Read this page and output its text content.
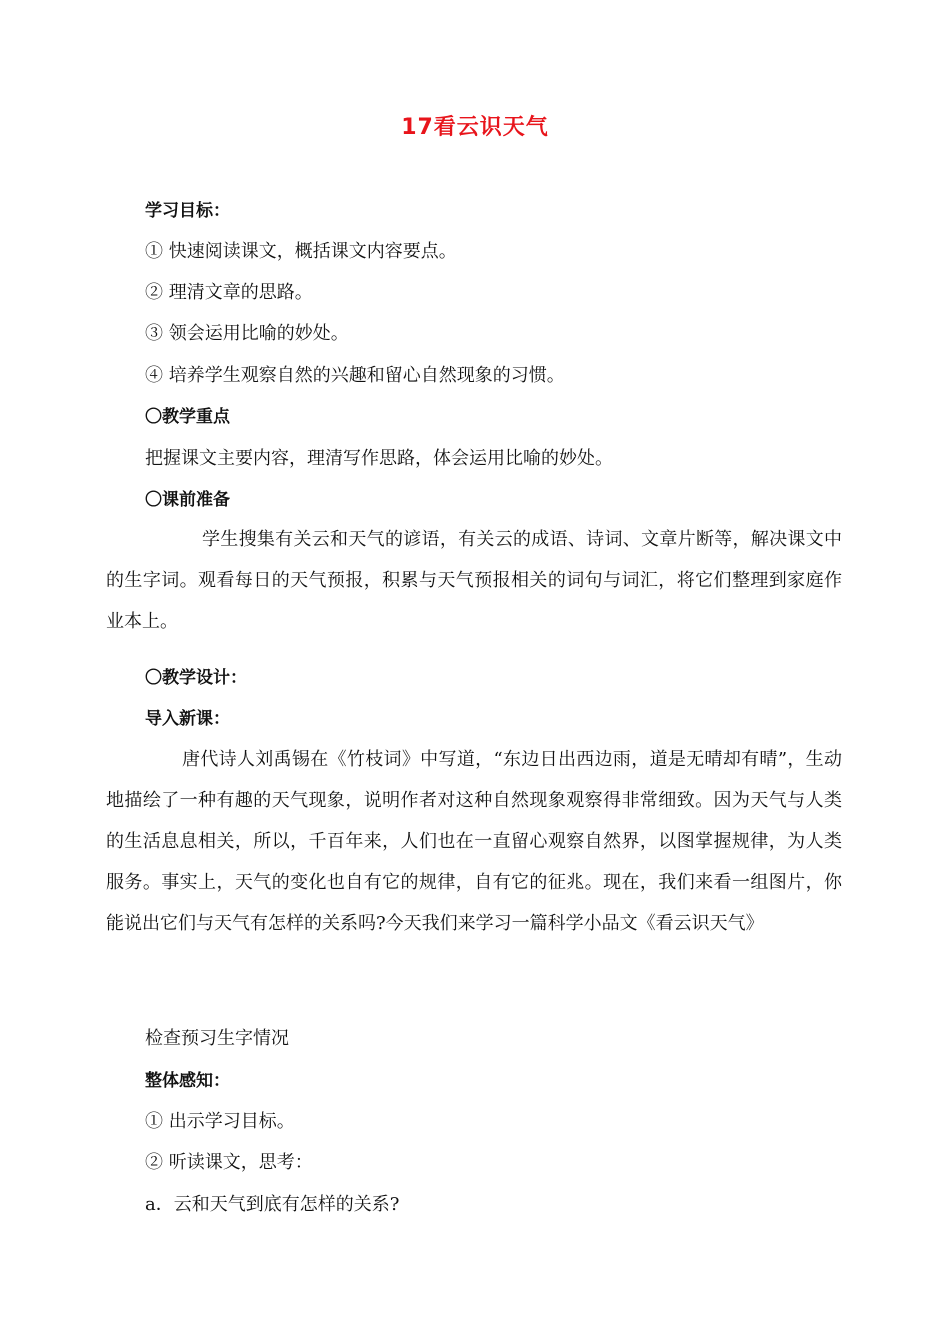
17看云识天气
学习目标：
① 快速阅读课文，概括课文内容要点。
② 理清文章的思路。
③ 领会运用比喻的妙处。
④ 培养学生观察自然的兴趣和留心自然现象的习惯。
〇教学重点
把握课文主要内容，理清写作思路，体会运用比喻的妙处。
〇课前准备

学生搜集有关云和天气的谚语，有关云的成语、诗词、文章片断等，解决课文中的生字词。观看每日的天气预报，积累与天气预报相关的词句与词汇，将它们整理到家庭作业本上。

〇教学设计：
导入新课：

唐代诗人刘禹锡在《竹枝词》中写道，“东边日出西边雨，道是无晴却有晴”，生动地描绘了一种有趣的天气现象，说明作者对这种自然现象观察得非常细致。因为天气与人类的生活息息相关，所以，千百年来，人们也在一直留心观察自然界，以图掌握规律，为人类服务。事实上，天气的变化也自有它的规律，自有它的征兆。现在，我们来看一组图片，你能说出它们与天气有怎样的关系吗?今天我们来学习一篇科学小品文《看云识天气》

检查预习生字情况
整体感知：
① 出示学习目标。
② 听读课文，思考：
a．云和天气到底有怎样的关系?
